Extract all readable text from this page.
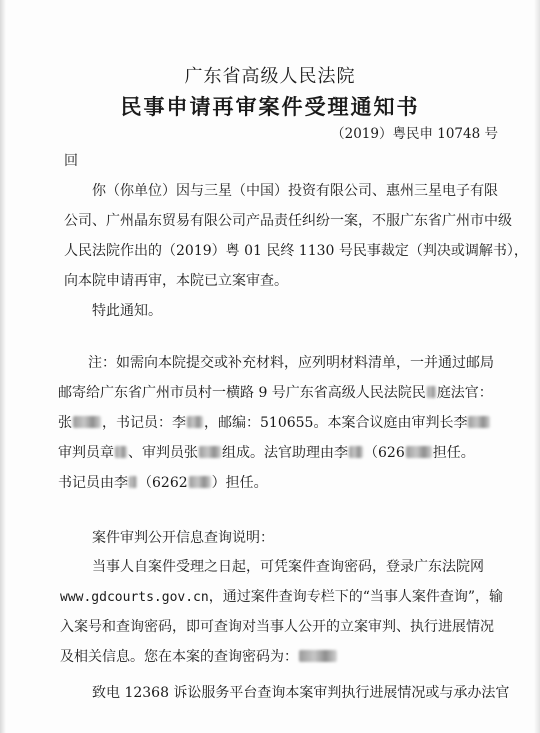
广东省高级人民法院
民事申请再审案件受理通知书
（2019）粤民申 10748 号
回
你（你单位）因与三星（中国）投资有限公司、惠州三星电子有限
公司、广州晶东贸易有限公司产品责任纠纷一案，不服广东省广州市中级
人民法院作出的（2019）粤 01 民终 1130 号民事裁定（判决或调解书），
向本院申请再审，本院已立案审查。
特此通知。
注：如需向本院提交或补充材料，应列明材料清单，一并通过邮局
邮寄给广东省广州市员村一横路 9 号广东省高级人民法院民 庭法官：
张 ，书记员：李 ，邮编：510655。本案合议庭由审判长李
审判员章 、审判员张 组成。法官助理由李 （626 担任。
书记员由李 （6262 ）担任。
案件审判公开信息查询说明：
当事人自案件受理之日起，可凭案件查询密码，登录广东法院网
www.gdcourts.gov.cn，通过案件查询专栏下的“当事人案件查询”，输
入案号和查询密码，即可查询对当事人公开的立案审判、执行进展情况
及相关信息。您在本案的查询密码为：
致电 12368 诉讼服务平台查询本案审判执行进展情况或与承办法官
